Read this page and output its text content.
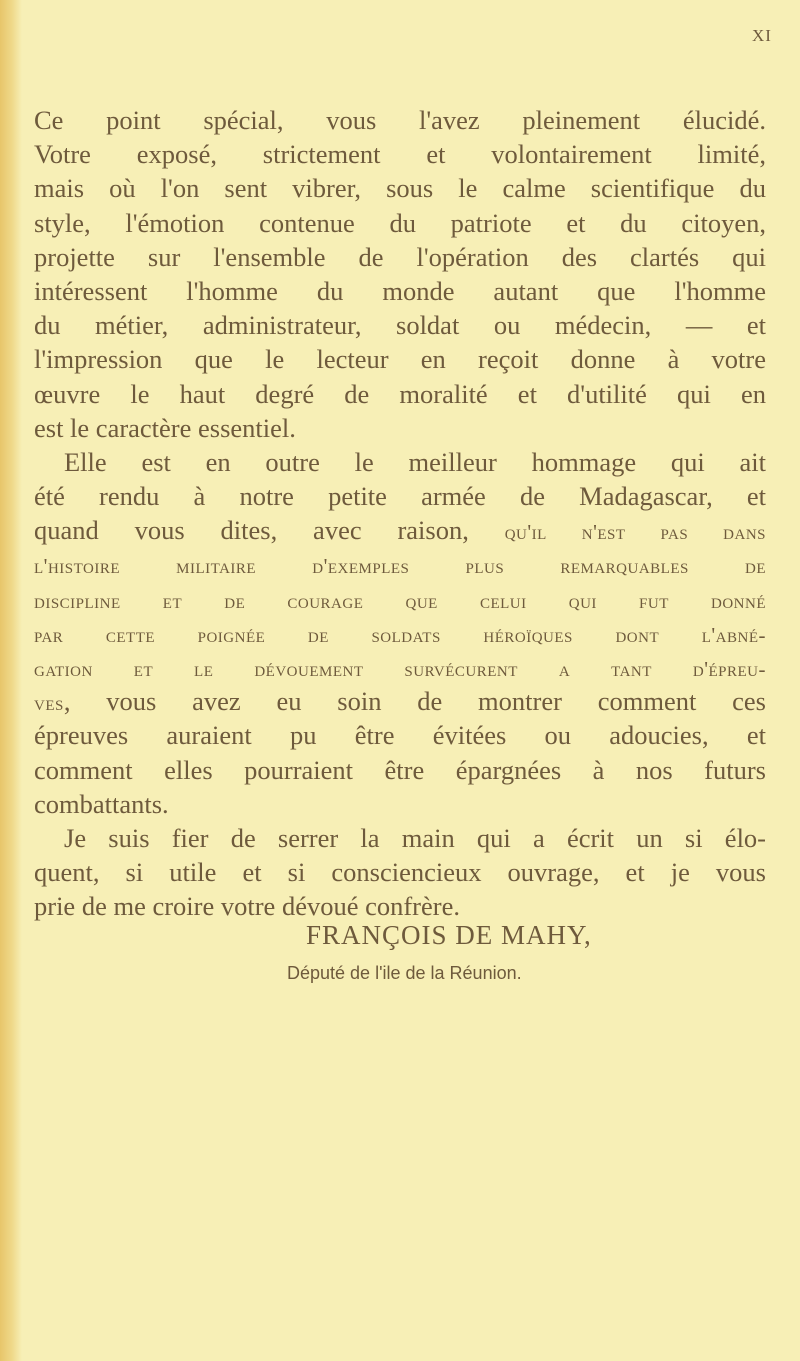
XI
Ce point spécial, vous l'avez pleinement élucidé.
Votre exposé, strictement et volontairement limité,
mais où l'on sent vibrer, sous le calme scientifique du
style, l'émotion contenue du patriote et du citoyen,
projette sur l'ensemble de l'opération des clartés qui
intéressent l'homme du monde autant que l'homme
du métier, administrateur, soldat ou médecin, — et
l'impression que le lecteur en reçoit donne à votre
œuvre le haut degré de moralité et d'utilité qui en
est le caractère essentiel.
Elle est en outre le meilleur hommage qui ait
été rendu à notre petite armée de Madagascar, et
quand vous dites, avec raison, qu'il n'est pas dans
l'histoire militaire d'exemples plus remarquables de
discipline et de courage que celui qui fut donné
par cette poignée de soldats héroïques dont l'abné-
gation et le dévouement survécurent a tant d'épreu-
ves, vous avez eu soin de montrer comment ces
épreuves auraient pu être évitées ou adoucies, et
comment elles pourraient être épargnées à nos futurs
combattants.
Je suis fier de serrer la main qui a écrit un si élo-
quent, si utile et si consciencieux ouvrage, et je vous
prie de me croire votre dévoué confrère.
FRANÇOIS DE MAHY,
Député de l'ile de la Réunion.
